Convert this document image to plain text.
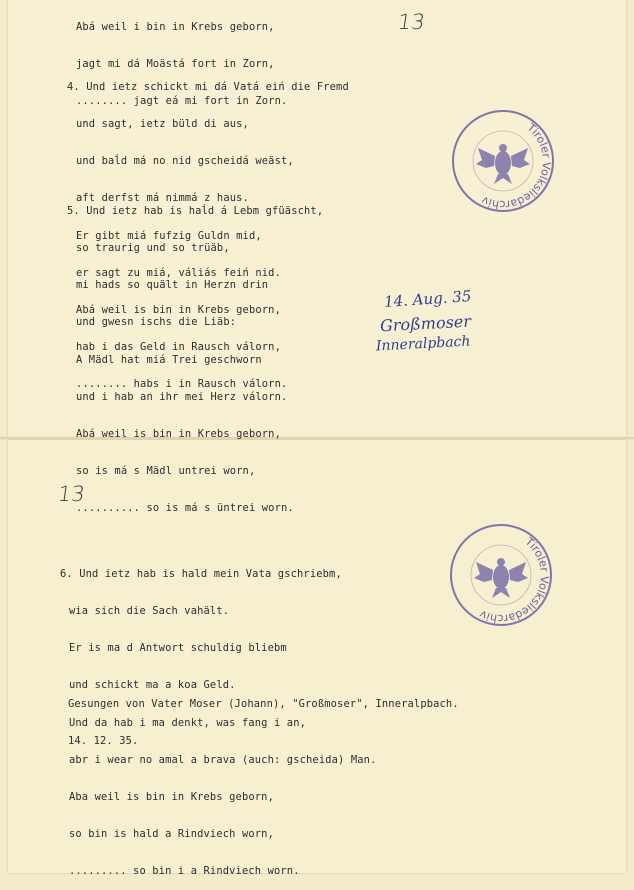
13

Abá weil i bin in Krebs geborn,

jagt mi dá Moästá fort in Zorn,

........ jagt eá mi fort in Zorn.

4. Und ietz schickt mi dá Vatá eiń die Fremd

und sagt, ietz büld di aus,

und baĺd má no nid gscheidá weäst,

aft derfst má nimmá z haus.

Er gibt miá fufzig Guldn mid,

er sagt zu miá, váliás feiń nid.

Abá weil is bin in Krebs geborn,

hab i das Geld in Rausch válorn,

........ habs i in Rausch válorn.

5. Und ietz hab is haĺd á Lebm gfüäscht,

so traurig und so trüäb,

mi hads so quält in Herzn drin

und gwesn ischs die Liäb:

A Mädl hat miá Trei geschworn

und i hab an ihr mei Herz válorn.

Abá weil is bin in Krebs geborn,

so is má s Mädl untrei worn,

.......... so is má s üntrei worn.

14. Aug. 35
Großmoser
Inneralpbach
Tiroler Volksliedarchiv
13

6. Und ietz hab is hald mein Vata gschriebm,

wia sich die Sach vahält.

Er is ma d Antwort schuldig bliebm

und schickt ma a koa Geld.

Und da hab i ma denkt, was fang i an,

abr i wear no amal a brava (auch: gscheida) Man.

Aba weil is bin in Krebs geborn,

so bin is hald a Rindviech worn,

......... so bin i a Rindviech worn.

Gesungen von Vater Moser (Johann), "Großmoser", Inneralpbach.

14. 12. 35.

Tiroler Volksliedarchiv
